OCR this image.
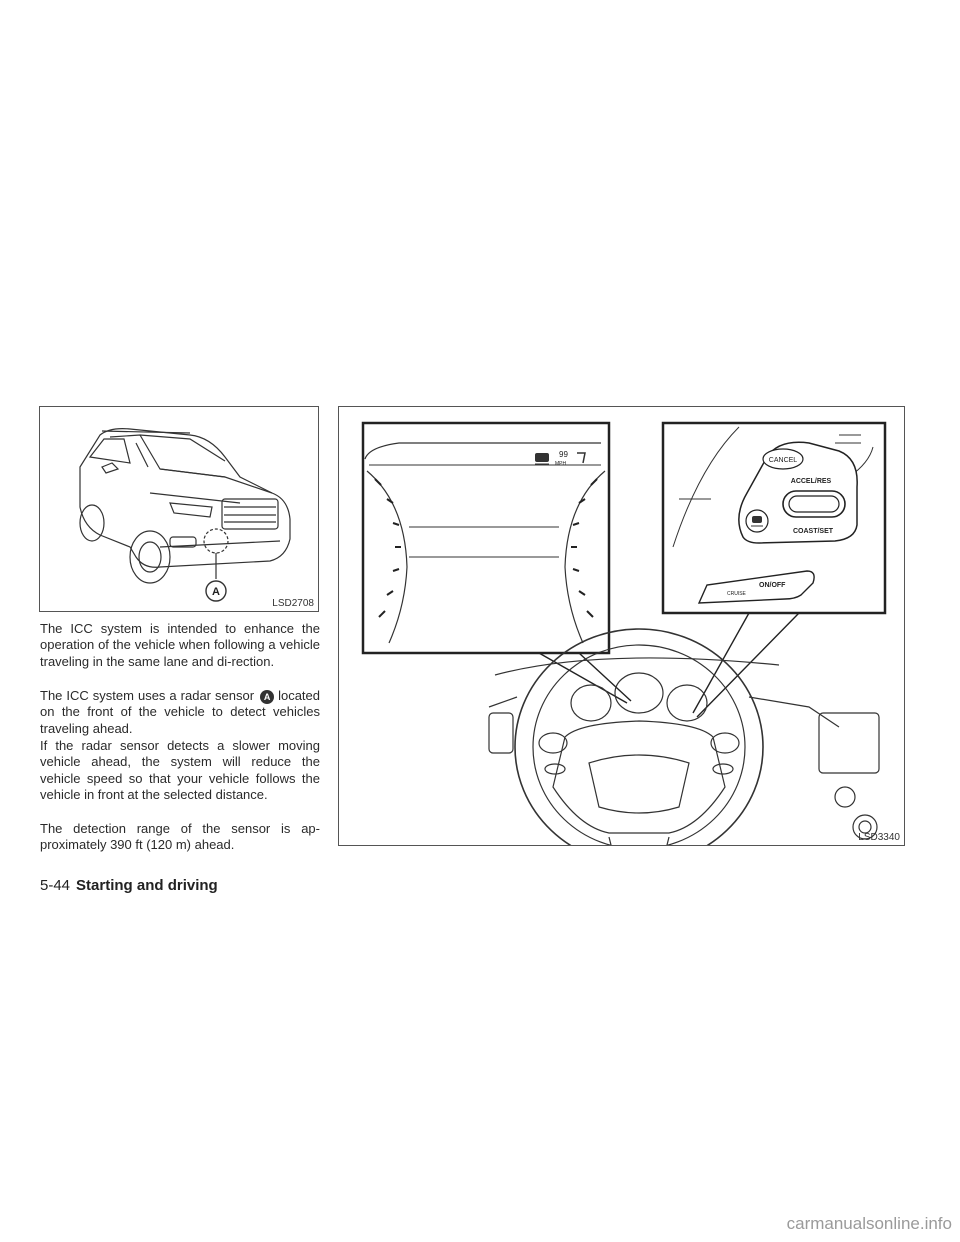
A
LSD2708
99
MPH	CANCEL
ACCEL/RES
COAST/SET
CRUISE
ON/OFF
LSD3340

The ICC system is intended to enhance the operation of the vehicle when following a vehicle traveling in the same lane and di-rection.

The ICC system uses a radar sensor A located on the front of the vehicle to detect vehicles traveling ahead.

If the radar sensor detects a slower moving vehicle ahead, the system will reduce the vehicle speed so that your vehicle follows the vehicle in front at the selected distance.

The detection range of the sensor is ap-proximately 390 ft (120 m) ahead.

5-44 Starting and driving
carmanualsonline.info
